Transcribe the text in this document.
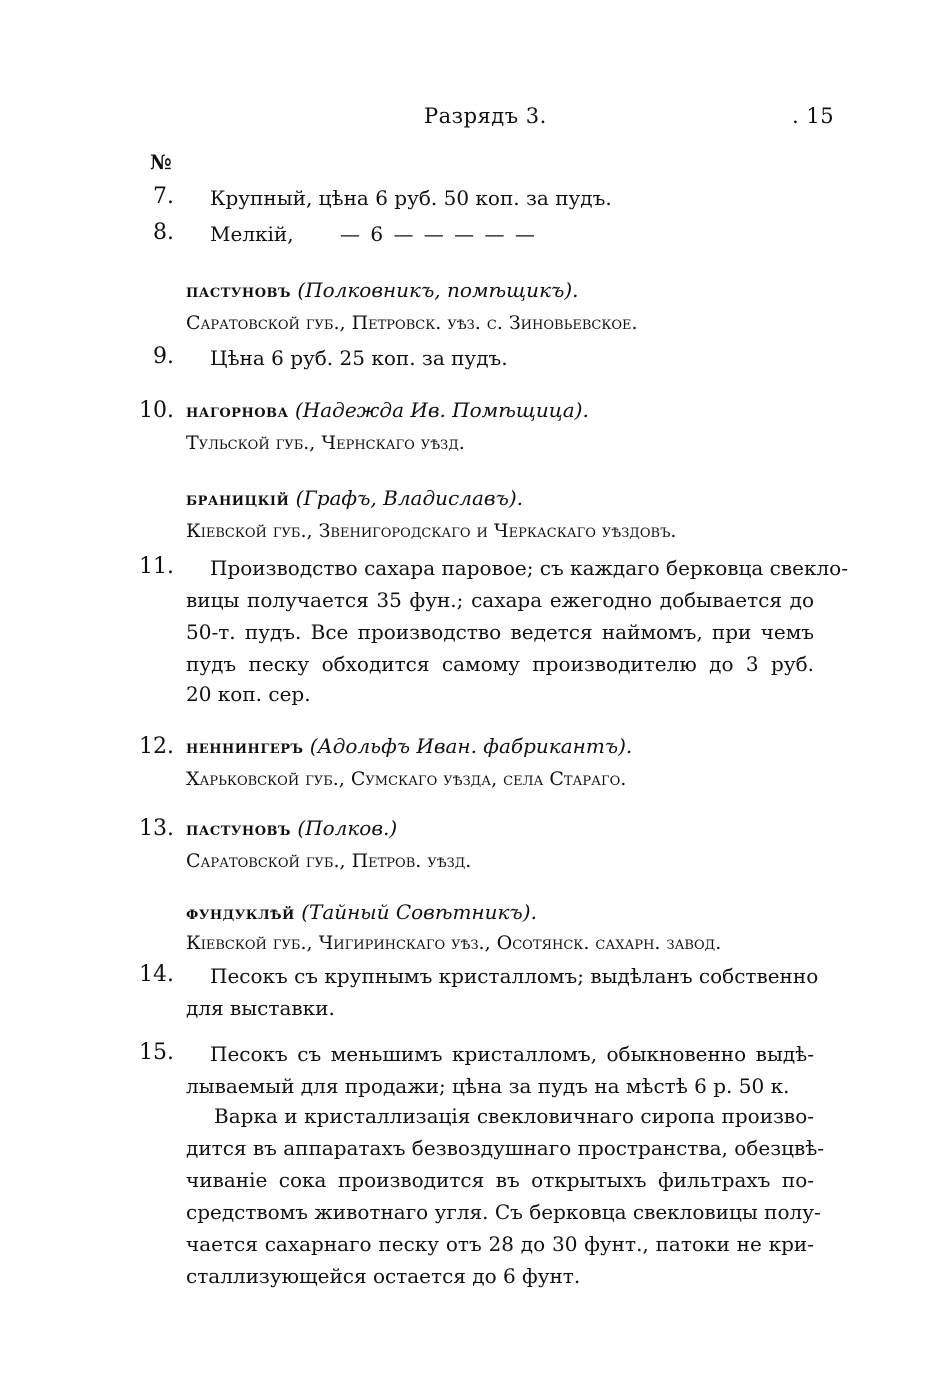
Разрядъ 3.	. 15
№
7. Крупный, цѣна 6 руб. 50 коп. за пудъ.
8. Мелкій, — 6 — — — — —
пастуновъ (Полковникъ, помѣщикъ).
Саратовской губ., Петровск. уѣз. с. Зиновьевское.
9. Цѣна 6 руб. 25 коп. за пудъ.
10. нагорнова (Надежда Ив. Помѣщица).
Тульской губ., Чернскаго уѣзд.
браницкій (Графъ, Владиславъ).
Кіевской губ., Звенигородскаго и Черкаскаго уѣздовъ.
11. Производство сахара паровое; съ каждаго берковца свекло-
вицы получается 35 фун.; сахара ежегодно добывается до
50-т. пудъ. Все производство ведется наймомъ, при чемъ
пудъ песку обходится самому производителю до 3 руб.
20 коп. сер.
12. неннингеръ (Адольфъ Иван. фабрикантъ).
Харьковской губ., Сумскаго уѣзда, села Стараго.
13. пастуновъ (Полков.)
Саратовской губ., Петров. уѣзд.
фундуклѣй (Тайный Совѣтникъ).
Кіевской губ., Чигиринскаго уѣз., Осотянск. сахарн. завод.
14. Песокъ съ крупнымъ кристалломъ; выдѣланъ собственно
для выставки.
15. Песокъ съ меньшимъ кристалломъ, обыкновенно выдѣ-
лываемый для продажи; цѣна за пудъ на мѣстѣ 6 р. 50 к.
Варка и кристаллизація свекловичнаго сиропа произво-
дится въ аппаратахъ безвоздушнаго пространства, обезцвѣ-
чиваніе сока производится въ открытыхъ фильтрахъ по-
средствомъ животнаго угля. Съ берковца свекловицы полу-
чается сахарнаго песку отъ 28 до 30 фунт., патоки не кри-
сталлизующейся остается до 6 фунт.
